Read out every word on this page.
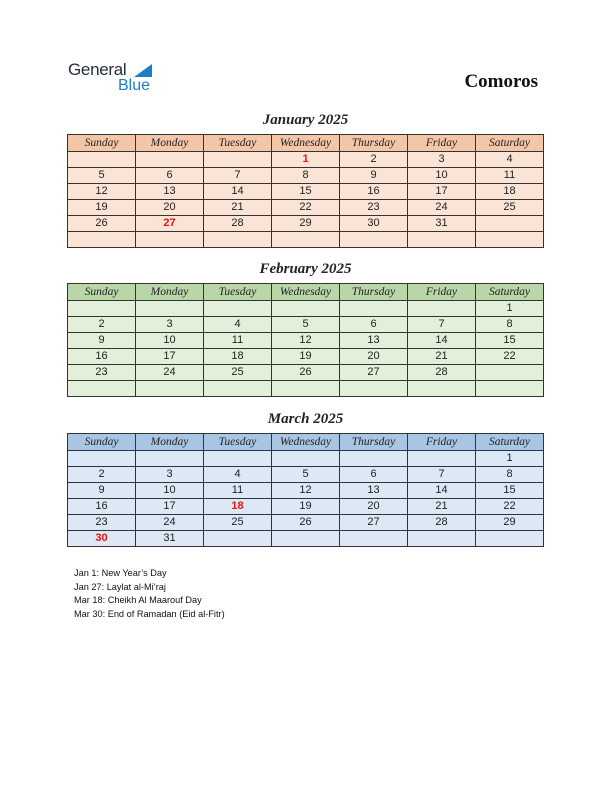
General
Blue	Comoros
January 2025
Sunday	Monday	Tuesday	Wednesday	Thursday	Friday	Saturday
			1	2	3	4
5	6	7	8	9	10	11
12	13	14	15	16	17	18
19	20	21	22	23	24	25
26	27	28	29	30	31	

February 2025
Sunday	Monday	Tuesday	Wednesday	Thursday	Friday	Saturday
						1
2	3	4	5	6	7	8
9	10	11	12	13	14	15
16	17	18	19	20	21	22
23	24	25	26	27	28	

March 2025
Sunday	Monday	Tuesday	Wednesday	Thursday	Friday	Saturday
						1
2	3	4	5	6	7	8
9	10	11	12	13	14	15
16	17	18	19	20	21	22
23	24	25	26	27	28	29
30	31					
Jan 1: New Year’s Day
Jan 27: Laylat al-Mi’raj
Mar 18: Cheikh Al Maarouf Day
Mar 30: End of Ramadan (Eid al-Fitr)
